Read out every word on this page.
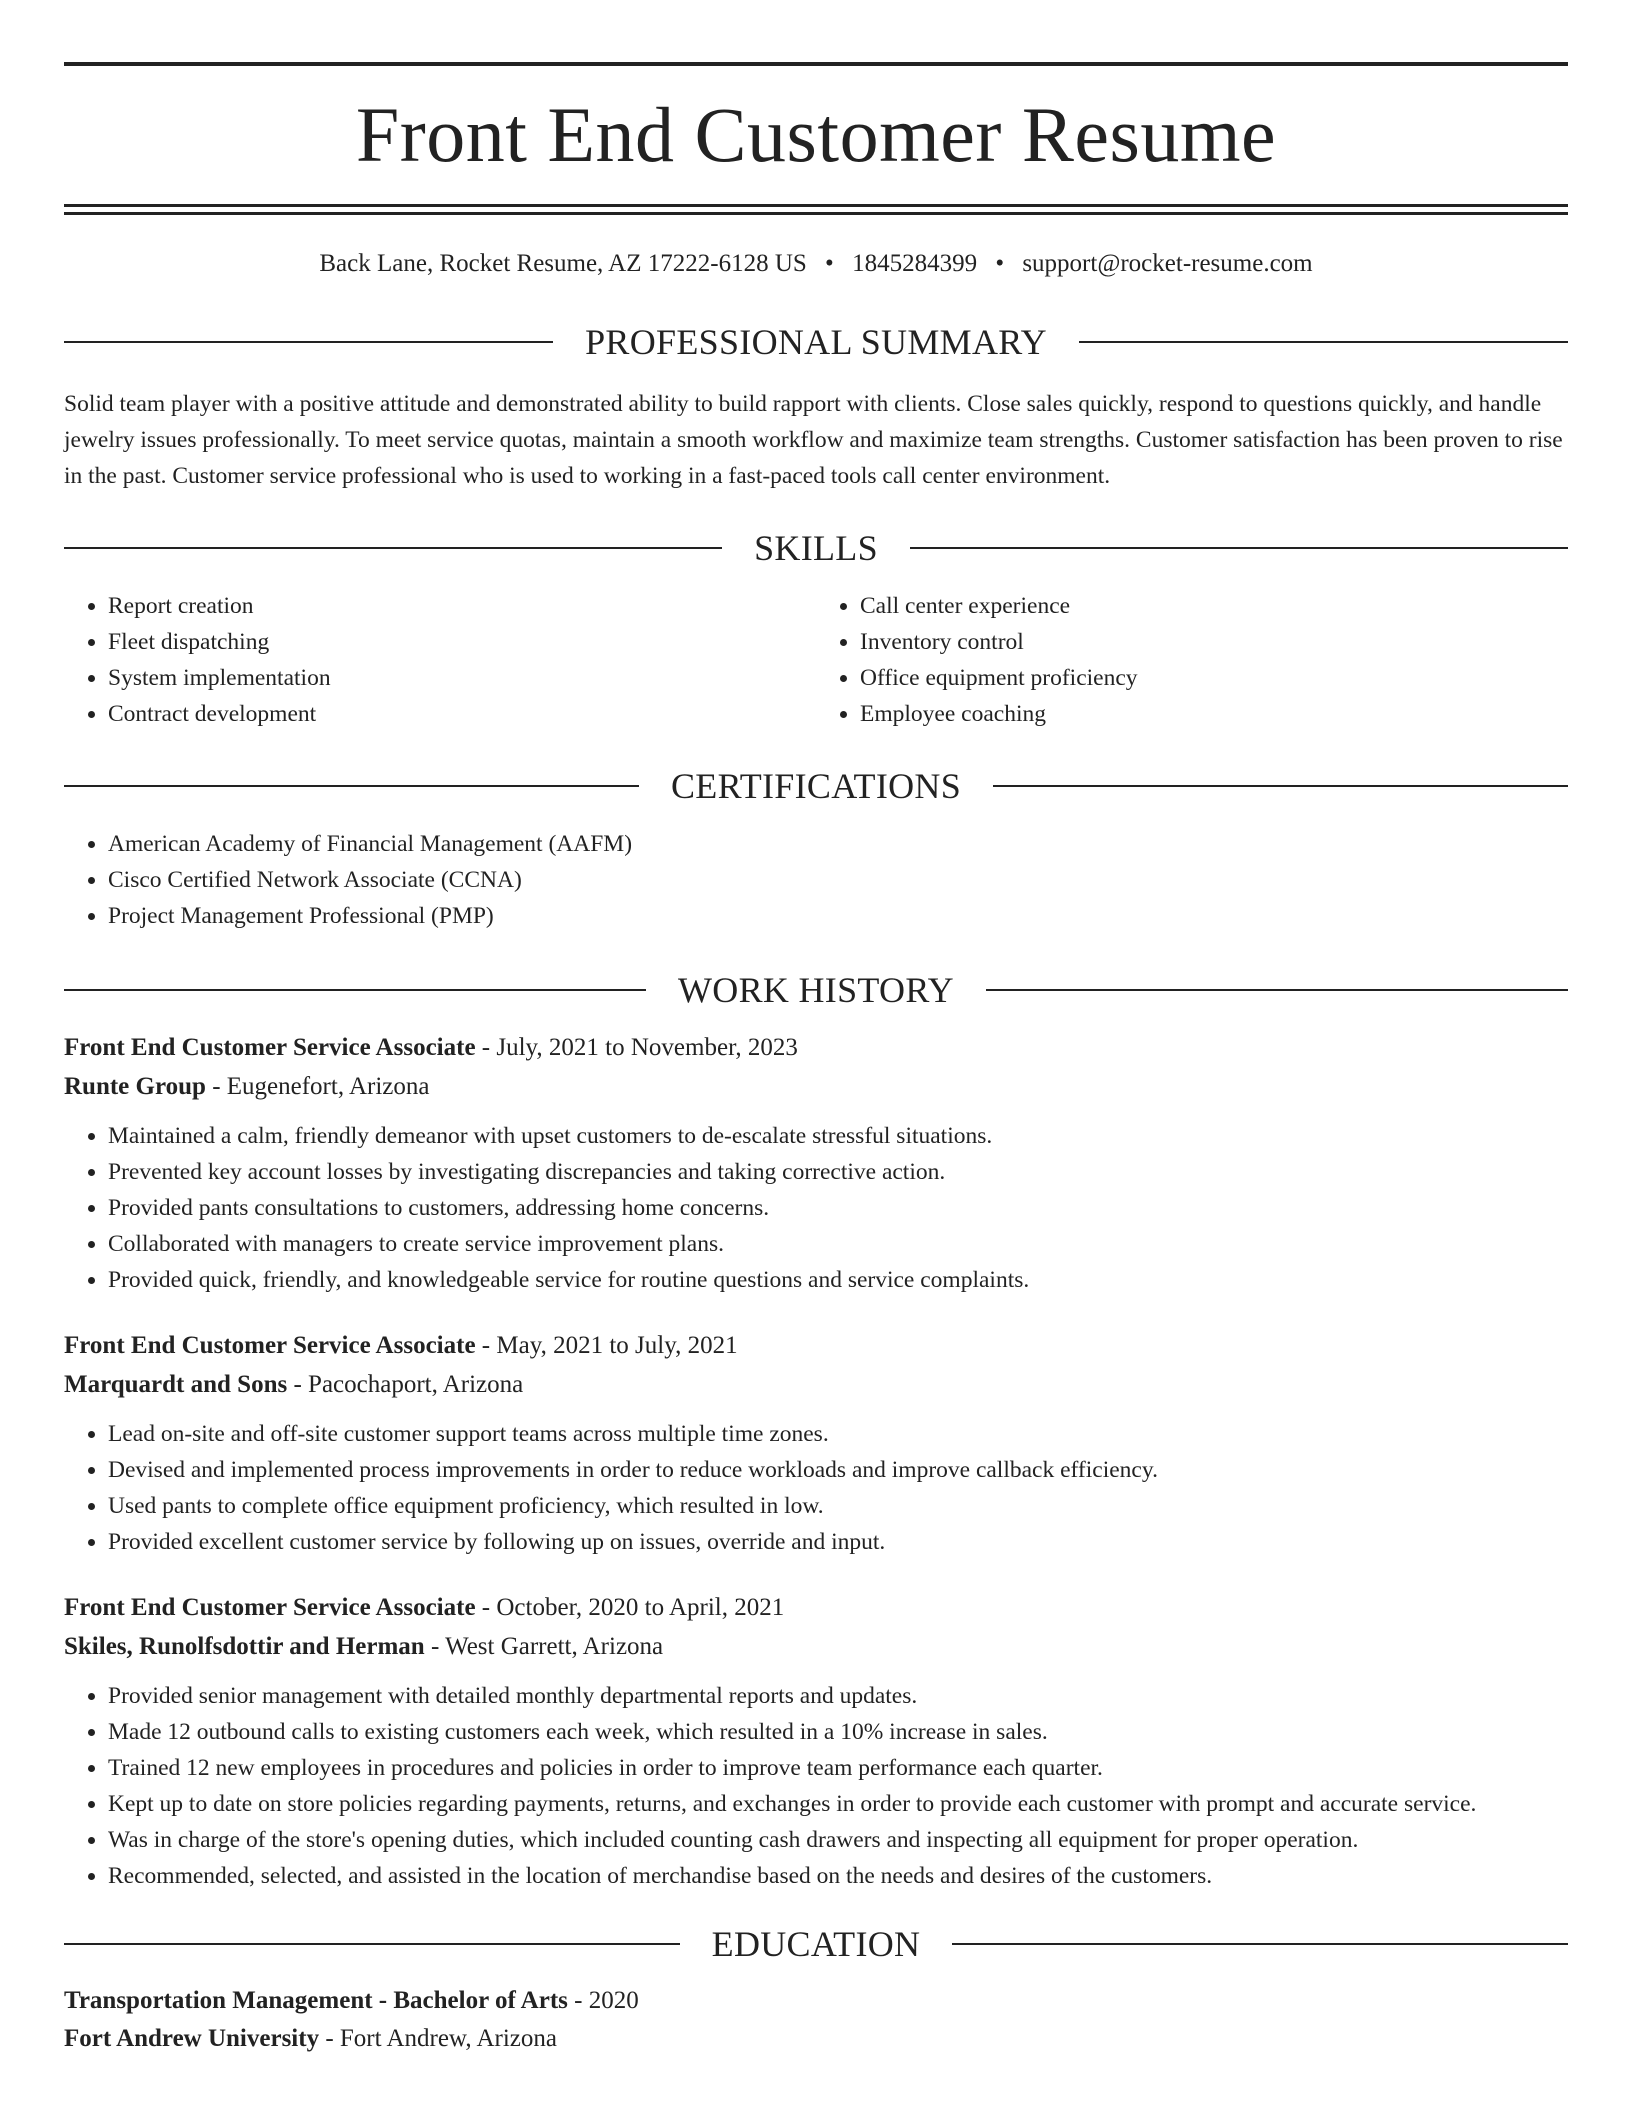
Front End Customer Resume
Back Lane, Rocket Resume, AZ 17222-6128 US • 1845284399 • support@rocket-resume.com
PROFESSIONAL SUMMARY

Solid team player with a positive attitude and demonstrated ability to build rapport with clients. Close sales quickly, respond to questions quickly, and handle jewelry issues professionally. To meet service quotas, maintain a smooth workflow and maximize team strengths. Customer satisfaction has been proven to rise in the past. Customer service professional who is used to working in a fast-paced tools call center environment.

SKILLS
• Report creation
• Fleet dispatching
• System implementation
• Contract development
• Call center experience
• Inventory control
• Office equipment proficiency
• Employee coaching
CERTIFICATIONS
• American Academy of Financial Management (AAFM)
• Cisco Certified Network Associate (CCNA)
• Project Management Professional (PMP)
WORK HISTORY
Front End Customer Service Associate - July, 2021 to November, 2023
Runte Group - Eugenefort, Arizona
• Maintained a calm, friendly demeanor with upset customers to de-escalate stressful situations.
• Prevented key account losses by investigating discrepancies and taking corrective action.
• Provided pants consultations to customers, addressing home concerns.
• Collaborated with managers to create service improvement plans.
• Provided quick, friendly, and knowledgeable service for routine questions and service complaints.
Front End Customer Service Associate - May, 2021 to July, 2021
Marquardt and Sons - Pacochaport, Arizona
• Lead on-site and off-site customer support teams across multiple time zones.
• Devised and implemented process improvements in order to reduce workloads and improve callback efficiency.
• Used pants to complete office equipment proficiency, which resulted in low.
• Provided excellent customer service by following up on issues, override and input.
Front End Customer Service Associate - October, 2020 to April, 2021
Skiles, Runolfsdottir and Herman - West Garrett, Arizona
• Provided senior management with detailed monthly departmental reports and updates.
• Made 12 outbound calls to existing customers each week, which resulted in a 10% increase in sales.
• Trained 12 new employees in procedures and policies in order to improve team performance each quarter.
• Kept up to date on store policies regarding payments, returns, and exchanges in order to provide each customer with prompt and accurate service.
• Was in charge of the store's opening duties, which included counting cash drawers and inspecting all equipment for proper operation.
• Recommended, selected, and assisted in the location of merchandise based on the needs and desires of the customers.
EDUCATION
Transportation Management - Bachelor of Arts - 2020
Fort Andrew University - Fort Andrew, Arizona
